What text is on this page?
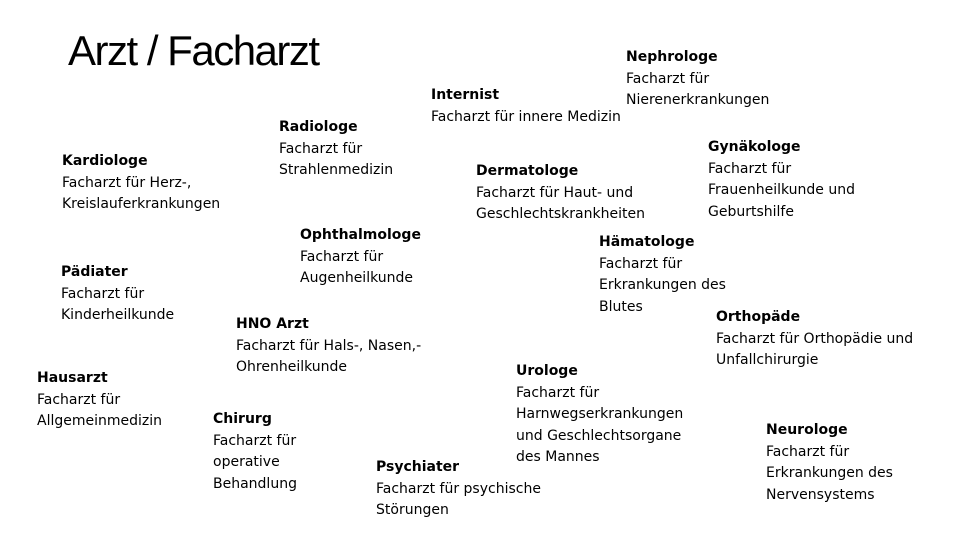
Arzt / Facharzt	Nephrologe
Facharzt für
Nierenerkrankungen
Internist
Facharzt für innere Medizin
Radiologe
Facharzt für
Strahlenmedizin
Kardiologe
Facharzt für Herz-,
Kreislauferkrankungen
Gynäkologe
Facharzt für
Frauenheilkunde und
Geburtshilfe
Dermatologe
Facharzt für Haut- und
Geschlechtskrankheiten
Ophthalmologe
Facharzt für
Augenheilkunde
Hämatologe
Facharzt für
Erkrankungen des
Blutes
Pädiater
Facharzt für
Kinderheilkunde	Orthopäde
Facharzt für Orthopädie und
Unfallchirurgie
HNO Arzt
Facharzt für Hals-, Nasen,-
Ohrenheilkunde	Urologe
Facharzt für
Harnwegserkrankungen
und Geschlechtsorgane
des Mannes
Hausarzt
Facharzt für
Allgemeinmedizin	Chirurg
Facharzt für
operative
Behandlung
Neurologe
Facharzt für
Erkrankungen des
Nervensystems
Psychiater
Facharzt für psychische
Störungen
